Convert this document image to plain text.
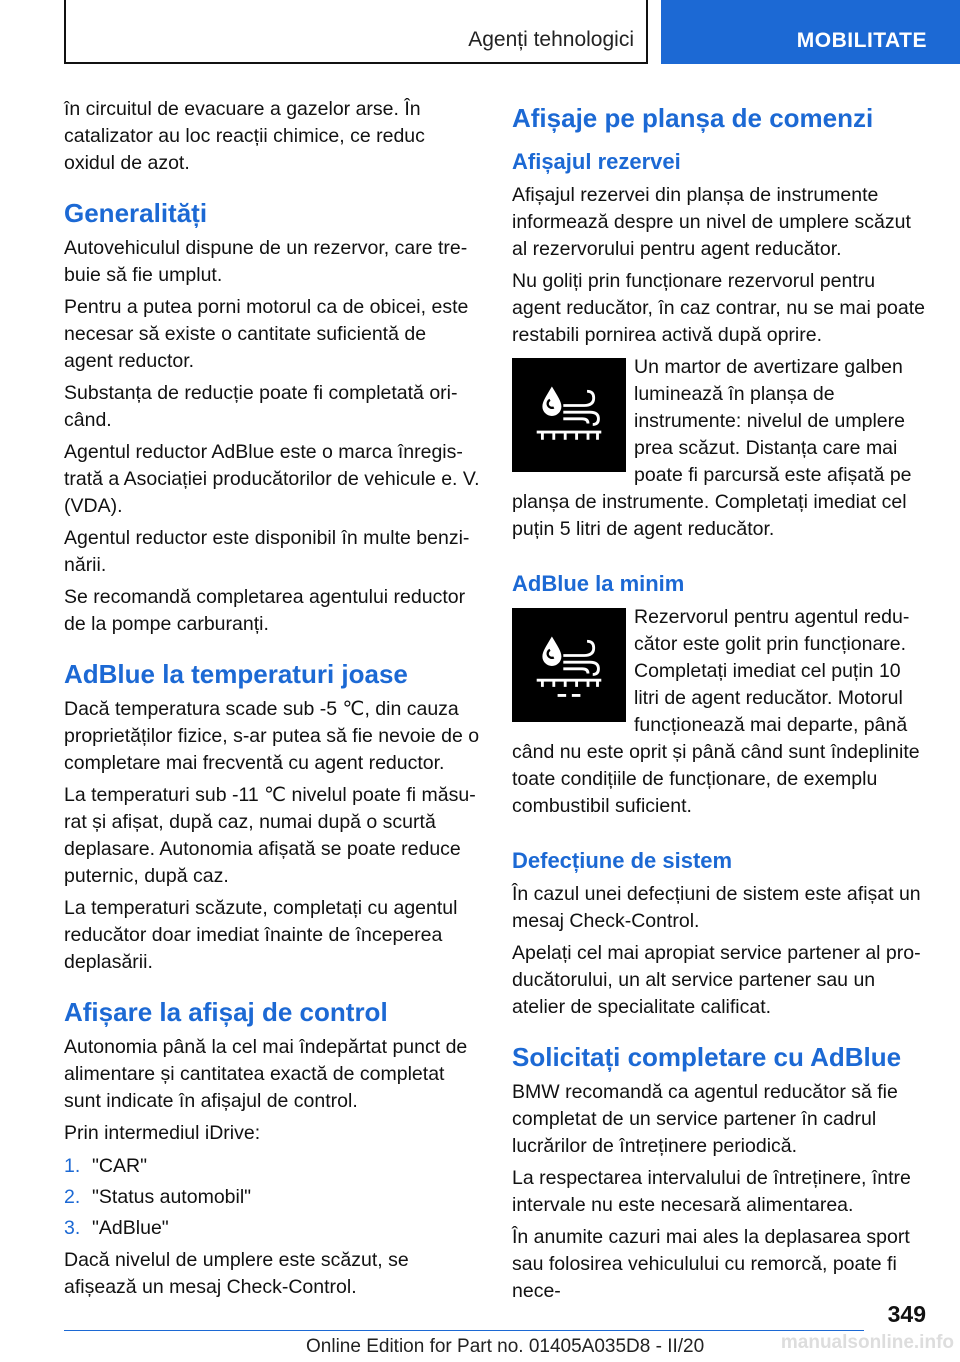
Agenți tehnologici	MOBILITATE

în circuitul de evacuare a gazelor arse. În catalizator au loc reacții chimice, ce reduc oxidul de azot.

Generalități

Autovehiculul dispune de un rezervor, care trebuie să fie umplut.

Pentru a putea porni motorul ca de obicei, este necesar să existe o cantitate suficientă de agent reductor.

Substanța de reducție poate fi completată oricând.

Agentul reductor AdBlue este o marca înregistrată a Asociației producătorilor de vehicule e. V. (VDA).

Agentul reductor este disponibil în multe benzinării.

Se recomandă completarea agentului reductor de la pompe carburanți.

AdBlue la temperaturi joase

Dacă temperatura scade sub -5 ℃, din cauza proprietăților fizice, s-ar putea să fie nevoie de o completare mai frecventă cu agent reductor.

La temperaturi sub -11 ℃ nivelul poate fi măsurat și afișat, după caz, numai după o scurtă deplasare. Autonomia afișată se poate reduce puternic, după caz.

La temperaturi scăzute, completați cu agentul reducător doar imediat înainte de începerea deplasării.

Afișare la afișaj de control

Autonomia până la cel mai îndepărtat punct de alimentare și cantitatea exactă de completat sunt indicate în afișajul de control.

Prin intermediul iDrive:

1. "CAR"
2. "Status automobil"
3. "AdBlue"

Dacă nivelul de umplere este scăzut, se afișează un mesaj Check-Control.

Afișaje pe planșa de comenzi
Afișajul rezervei

Afișajul rezervei din planșa de instrumente informează despre un nivel de umplere scăzut al rezervorului pentru agent reducător.

Nu goliți prin funcționare rezervorul pentru agent reducător, în caz contrar, nu se mai poate restabili pornirea activă după oprire.

Un martor de avertizare galben luminează în planșa de instrumente: nivelul de umplere prea scăzut. Distanța care mai poate fi parcursă este afișată pe planșa de instrumente. Completați imediat cel puțin 5 litri de agent reducător.

AdBlue la minim

Rezervorul pentru agentul reducător este golit prin funcționare. Completați imediat cel puțin 10 litri de agent reducător. Motorul funcționează mai departe, până când nu este oprit și până când sunt îndeplinite toate condițiile de funcționare, de exemplu combustibil suficient.

Defecțiune de sistem

În cazul unei defecțiuni de sistem este afișat un mesaj Check-Control.

Apelați cel mai apropiat service partener al producătorului, un alt service partener sau un atelier de specialitate calificat.

Solicitați completare cu AdBlue

BMW recomandă ca agentul reducător să fie completat de un service partener în cadrul lucrărilor de întreținere periodică.

La respectarea intervalului de întreținere, între intervale nu este necesară alimentarea.

În anumite cazuri mai ales la deplasarea sport sau folosirea vehiculului cu remorcă, poate fi nece-

349
Online Edition for Part no. 01405A035D8 - II/20	manualsonline.info
